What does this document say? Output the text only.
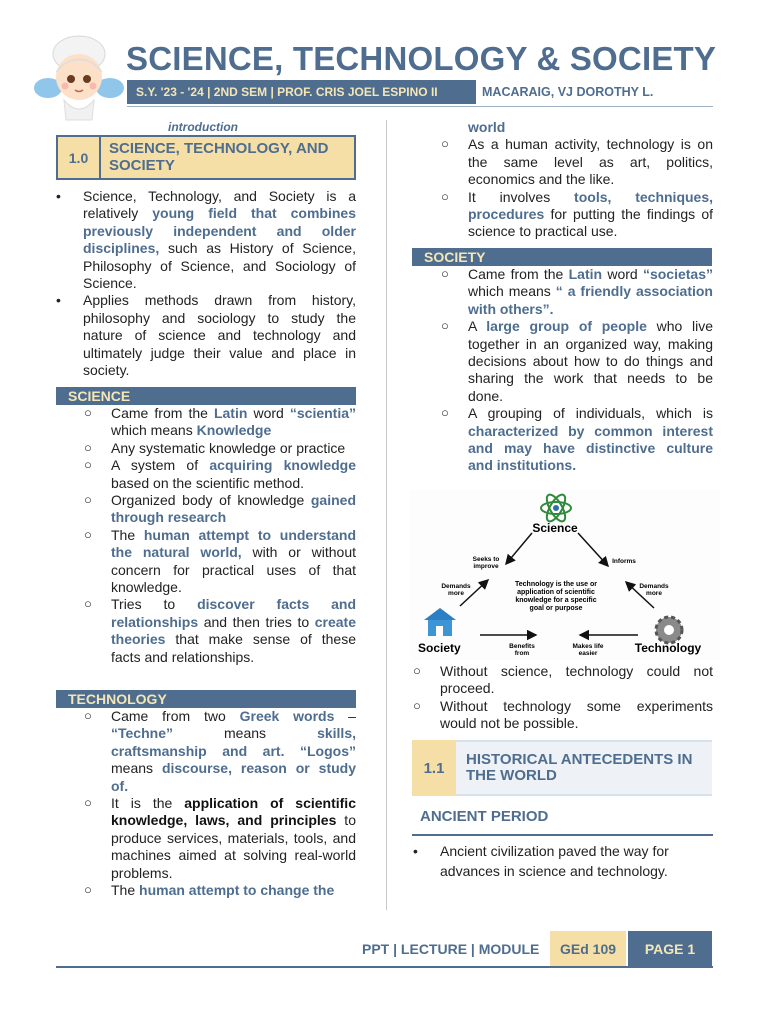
SCIENCE, TECHNOLOGY & SOCIETY
S.Y. '23 - '24 | 2ND SEM | PROF. CRIS JOEL ESPINO II	MACARAIG, VJ DOROTHY L.
introduction
1.0
SCIENCE, TECHNOLOGY, AND SOCIETY
• Science, Technology, and Society is a relatively young field that combines previously independent and older disciplines, such as History of Science, Philosophy of Science, and Sociology of Science.
• Applies methods drawn from history, philosophy and sociology to study the nature of science and technology and ultimately judge their value and place in society.
SCIENCE
○ Came from the Latin word “scientia” which means Knowledge
○ Any systematic knowledge or practice
○ A system of acquiring knowledge based on the scientific method.
○ Organized body of knowledge gained through research
○ The human attempt to understand the natural world, with or without concern for practical uses of that knowledge.
○ Tries to discover facts and relationships and then tries to create theories that make sense of these facts and relationships.
TECHNOLOGY
○ Came from two Greek words – “Techne” means skills, craftsmanship and art. “Logos” means discourse, reason or study of.
○ It is the application of scientific knowledge, laws, and principles to produce services, materials, tools, and machines aimed at solving real-world problems.
○ The human attempt to change the
world
○ As a human activity, technology is on the same level as art, politics, economics and the like.
○ It involves tools, techniques, procedures for putting the findings of science to practical use.
SOCIETY
○ Came from the Latin word “societas” which means “ a friendly association with others”.
○ A large group of people who live together in an organized way, making decisions about how to do things and sharing the work that needs to be done.
○ A grouping of individuals, which is characterized by common interest and may have distinctive culture and institutions.
Science
Society	Technology
Technology is the use or
application of scientific
knowledge for a specific
goal or purpose
Seeks to
improve
Informs
Demands
more
Demands
more
Benefits
from
Makes life
easier
○ Without science, technology could not proceed.
○ Without technology some experiments would not be possible.
1.1
HISTORICAL ANTECEDENTS IN THE WORLD
ANCIENT PERIOD
• Ancient civilization paved the way for advances in science and technology.
PPT | LECTURE | MODULE	GEd 109	PAGE 1
